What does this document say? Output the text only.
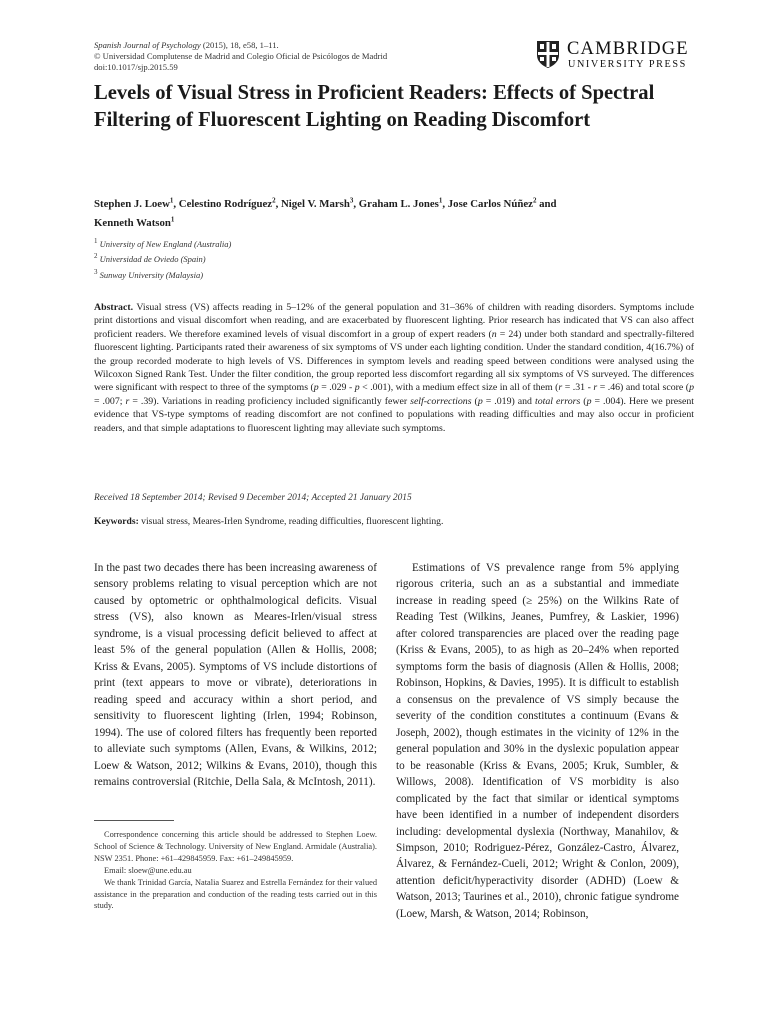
Spanish Journal of Psychology (2015), 18, e58, 1–11.
© Universidad Complutense de Madrid and Colegio Oficial de Psicólogos de Madrid
doi:10.1017/sjp.2015.59
CAMBRIDGE
UNIVERSITY PRESS
Levels of Visual Stress in Proficient Readers: Effects of Spectral Filtering of Fluorescent Lighting on Reading Discomfort
Stephen J. Loew$^1$, Celestino Rodríguez$^2$, Nigel V. Marsh$^3$, Graham L. Jones$^1$, Jose Carlos Núñez$^2$ and
Kenneth Watson$^1$
$^1$ University of New England (Australia)
$^2$ Universidad de Oviedo (Spain)
$^3$ Sunway University (Malaysia)

Abstract. Visual stress (VS) affects reading in 5–12% of the general population and 31–36% of children with reading disorders. Symptoms include print distortions and visual discomfort when reading, and are exacerbated by fluorescent lighting. Prior research has indicated that VS can also affect proficient readers. We therefore examined levels of visual discomfort in a group of expert readers (n = 24) under both standard and spectrally-filtered fluorescent lighting. Participants rated their awareness of six symptoms of VS under each lighting condition. Under the standard condition, 4(16.7%) of the group recorded moderate to high levels of VS. Differences in symptom levels and reading speed between conditions were analysed using the Wilcoxon Signed Rank Test. Under the filter condition, the group reported less discomfort regarding all six symptoms of VS surveyed. The differences were significant with respect to three of the symptoms (p = .029 - p < .001), with a medium effect size in all of them (r = .31 - r = .46) and total score (p = .007; r = .39). Variations in reading proficiency included significantly fewer self-corrections (p = .019) and total errors (p = .004). Here we present evidence that VS-type symptoms of reading discomfort are not confined to populations with reading difficulties and may also occur in proficient readers, and that simple adaptations to fluorescent lighting may alleviate such symptoms.

Received 18 September 2014; Revised 9 December 2014; Accepted 21 January 2015
Keywords: visual stress, Meares-Irlen Syndrome, reading difficulties, fluorescent lighting.

In the past two decades there has been increasing awareness of sensory problems relating to visual perception which are not caused by optometric or ophthalmological deficits. Visual stress (VS), also known as Meares-Irlen/visual stress syndrome, is a visual processing deficit believed to affect at least 5% of the general population (Allen & Hollis, 2008; Kriss & Evans, 2005). Symptoms of VS include distortions of print (text appears to move or vibrate), deteriorations in reading speed and accuracy within a short period, and sensitivity to fluorescent lighting (Irlen, 1994; Robinson, 1994). The use of colored filters has frequently been reported to alleviate such symptoms (Allen, Evans, & Wilkins, 2012; Loew & Watson, 2012; Wilkins & Evans, 2010), though this remains controversial (Ritchie, Della Sala, & McIntosh, 2011).

Estimations of VS prevalence range from 5% applying rigorous criteria, such an as a substantial and immediate increase in reading speed (≥ 25%) on the Wilkins Rate of Reading Test (Wilkins, Jeanes, Pumfrey, & Laskier, 1996) after colored transparencies are placed over the reading page (Kriss & Evans, 2005), to as high as 20–24% when reported symptoms form the basis of diagnosis (Allen & Hollis, 2008; Robinson, Hopkins, & Davies, 1995). It is difficult to establish a consensus on the prevalence of VS simply because the severity of the condition constitutes a continuum (Evans & Joseph, 2002), though estimates in the vicinity of 12% in the general population and 30% in the dyslexic population appear to be reasonable (Kriss & Evans, 2005; Kruk, Sumbler, & Willows, 2008). Identification of VS morbidity is also complicated by the fact that similar or identical symptoms have been identified in a number of independent disorders including: developmental dyslexia (Northway, Manahilov, & Simpson, 2010; Rodriguez-Pérez, González-Castro, Álvarez, Álvarez, & Fernández-Cueli, 2012; Wright & Conlon, 2009), attention deficit/hyperactivity disorder (ADHD) (Loew & Watson, 2013; Taurines et al., 2010), chronic fatigue syndrome (Loew, Marsh, & Watson, 2014; Robinson,

Correspondence concerning this article should be addressed to Stephen Loew. School of Science & Technology. University of New England. Armidale (Australia). NSW 2351. Phone: +61–429845959. Fax: +61–249845959.

Email: sloew@une.edu.au

We thank Trinidad García, Natalia Suarez and Estrella Fernández for their valued assistance in the preparation and conduction of the reading tests carried out in this study.
